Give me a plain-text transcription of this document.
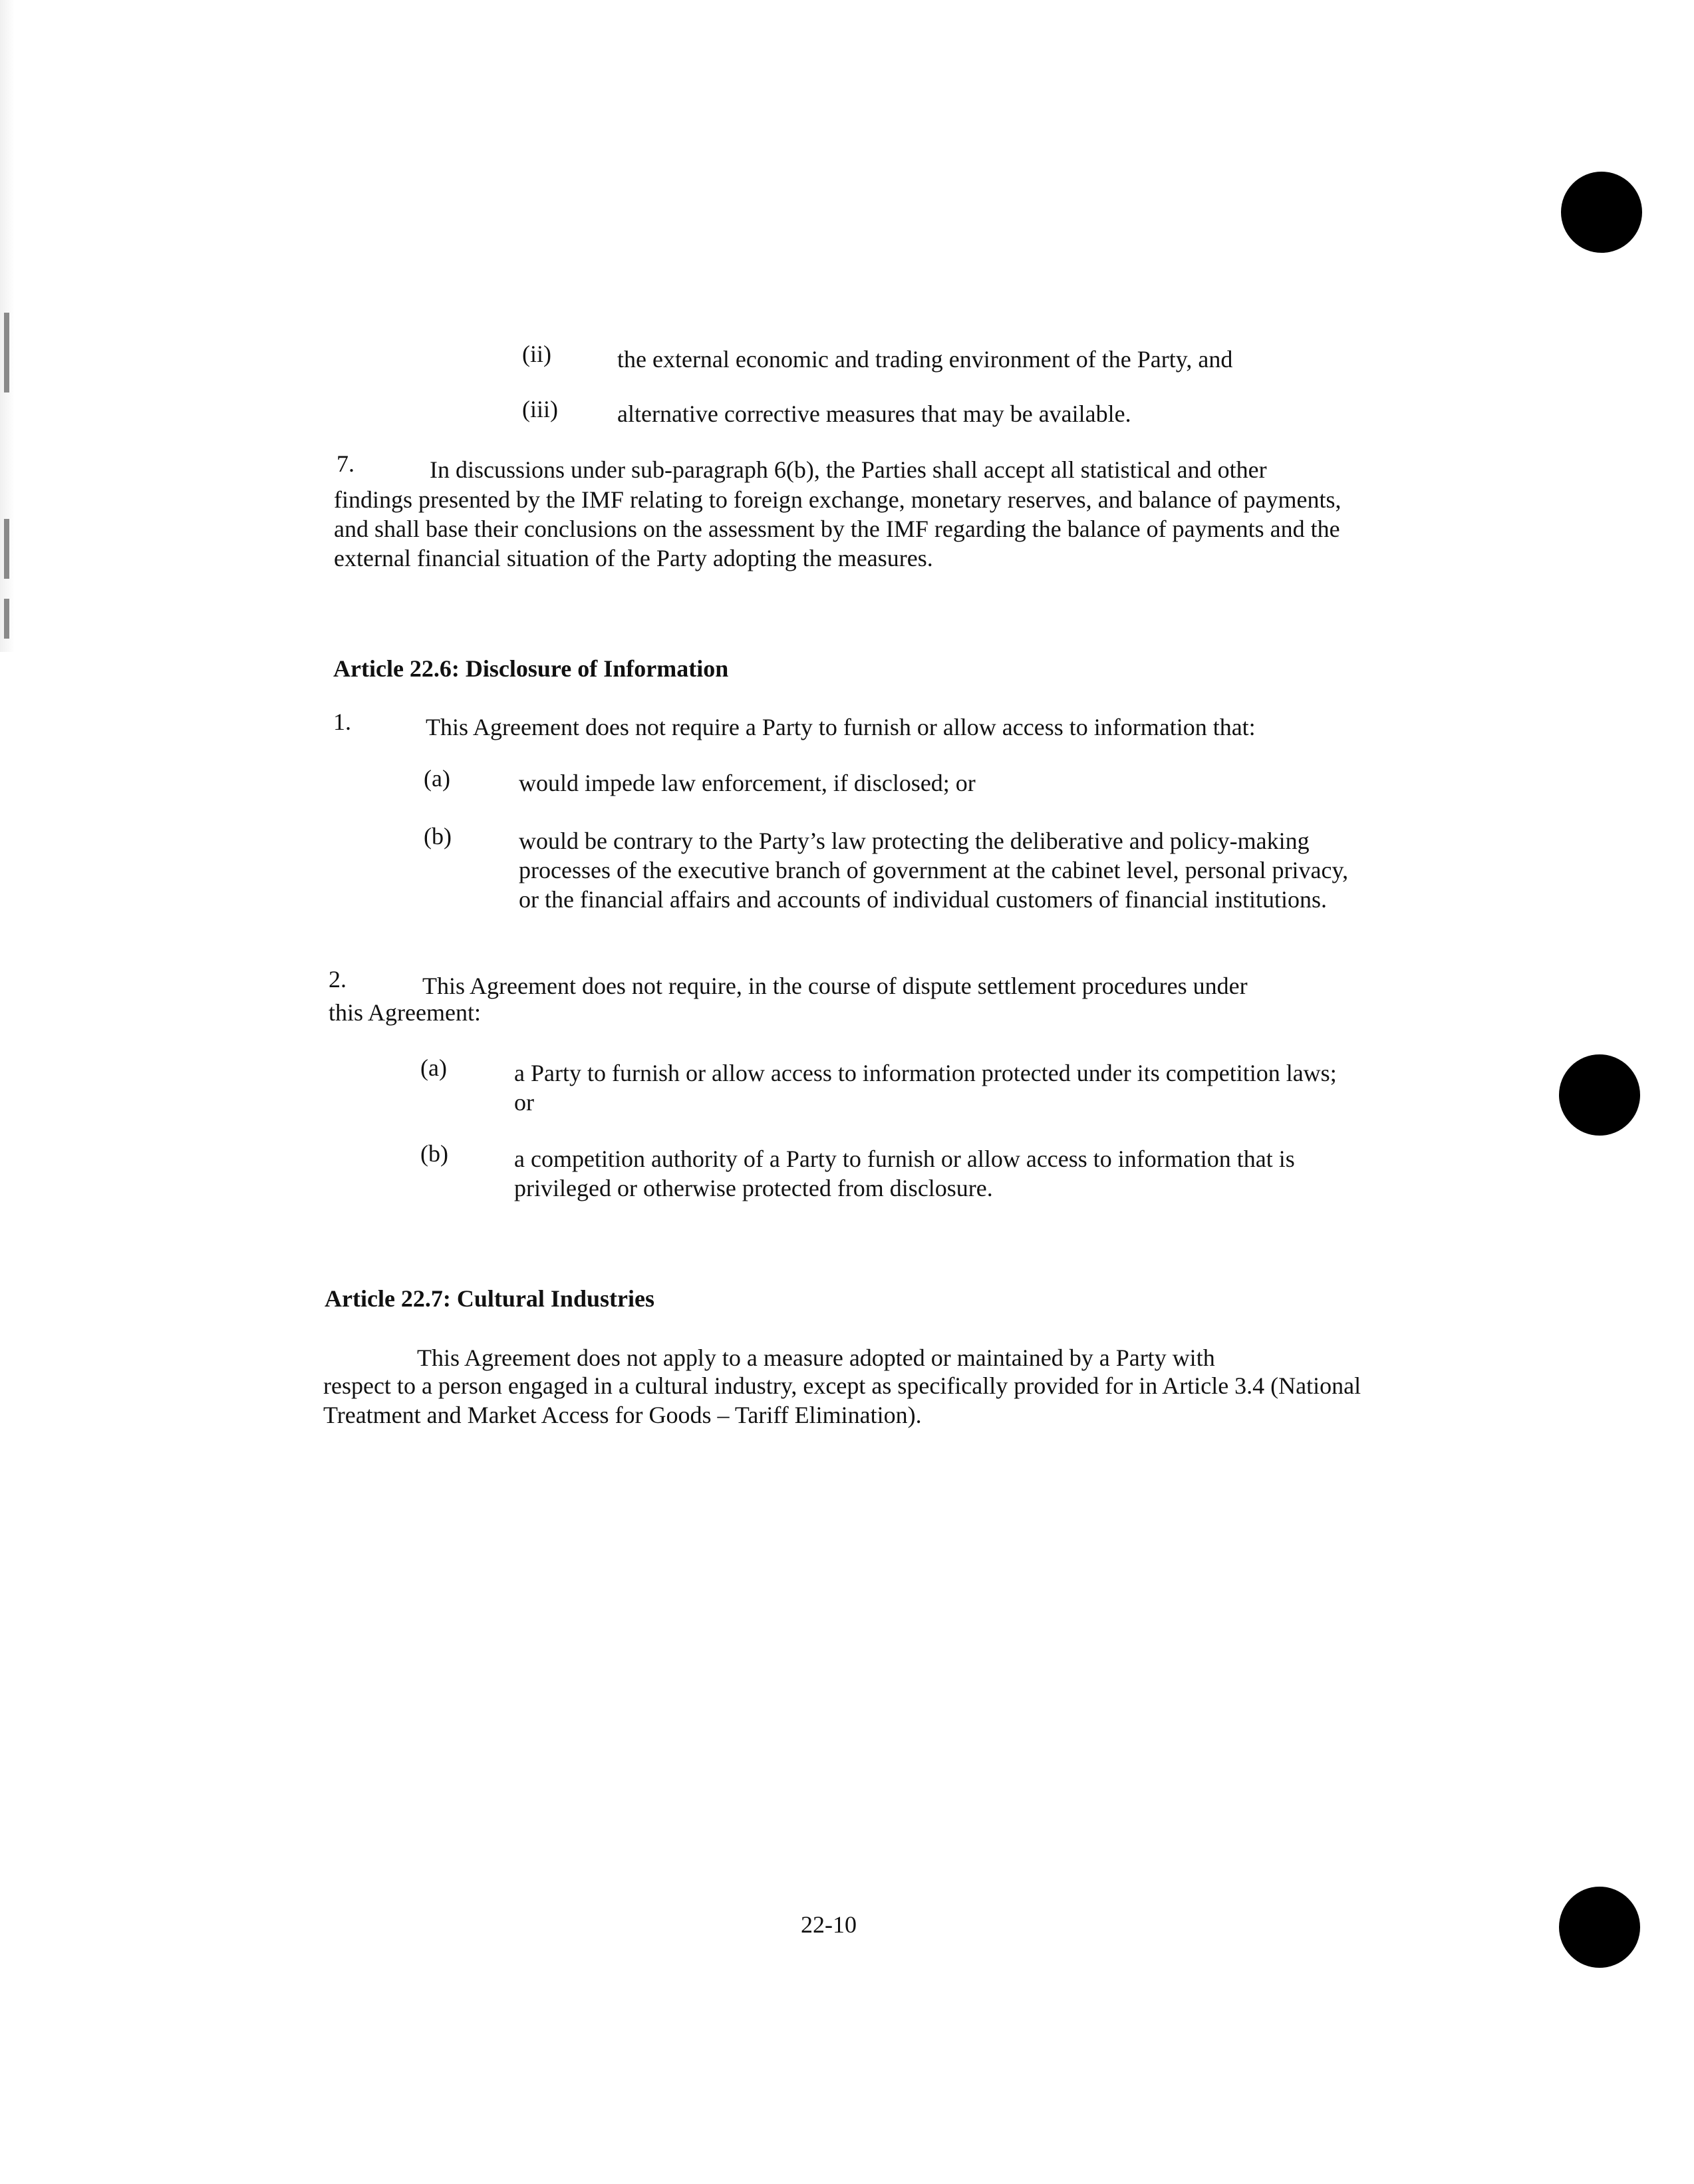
(ii)	the external economic and trading environment of the Party, and
(iii) alternative corrective measures that may be available.
7.	In discussions under sub-paragraph 6(b), the Parties shall accept all statistical and other
findings presented by the IMF relating to foreign exchange, monetary reserves, and balance of payments, and shall base their conclusions on the assessment by the IMF regarding the balance of payments and the external financial situation of the Party adopting the measures.
Article 22.6: Disclosure of Information
1.	This Agreement does not require a Party to furnish or allow access to information that:
(a)	would impede law enforcement, if disclosed; or
(b)	would be contrary to the Party’s law protecting the deliberative and policy-making processes of the executive branch of government at the cabinet level, personal privacy, or the financial affairs and accounts of individual customers of financial institutions.
2.	This Agreement does not require, in the course of dispute settlement procedures under
this Agreement:
(a)	a Party to furnish or allow access to information protected under its competition laws; or
(b)	a competition authority of a Party to furnish or allow access to information that is privileged or otherwise protected from disclosure.
Article 22.7: Cultural Industries
This Agreement does not apply to a measure adopted or maintained by a Party with
respect to a person engaged in a cultural industry, except as specifically provided for in Article 3.4 (National Treatment and Market Access for Goods – Tariff Elimination).
22-10
